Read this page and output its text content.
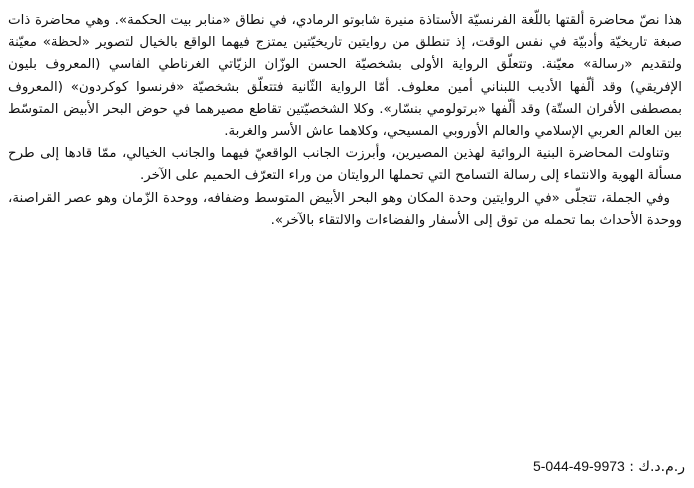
هذا نصّ محاضرة ألقتها باللّغة الفرنسيّة الأستاذة منيرة شابوتو الرمادي، في نطاق «منابر بيت الحكمة». وهي محاضرة ذات صبغة تاريخيّة وأدبيّة في نفس الوقت، إذ تنطلق من روايتين تاريخيّتين يمتزج فيهما الواقع بالخيال لتصوير «لحظة» معيّنة ولتقديم «رسالة» معيّنة. وتتعلّق الرواية الأولى بشخصيّة الحسن الوزّان الزيّاتي الغرناطي الفاسي (المعروف بليون الإفريقي) وقد ألّفها الأديب اللبناني أمين معلوف. أمّا الرواية الثّانية فتتعلّق بشخصيّة «فرنسوا كوكردون» (المعروف بمصطفى الأفران الستّة) وقد ألّفها «برتولومي بنسّار». وكلا الشخصيّتين تقاطع مصيرهما في حوض البحر الأبيض المتوسّط بين العالم العربي الإسلامي والعالم الأوروبي المسيحي، وكلاهما عاش الأسر والغربة.

وتناولت المحاضرة البنية الروائية لهذين المصيرين، وأبرزت الجانب الواقعيّ فيهما والجانب الخيالي، ممّا قادها إلى طرح مسألة الهوية والانتماء إلى رسالة التسامح التي تحملها الروايتان من وراء التعرّف الحميم على الآخر.

وفي الجملة، تتجلّى «في الروايتين وحدة المكان وهو البحر الأبيض المتوسط وضفافه، ووحدة الزّمان وهو عصر القراصنة، ووحدة الأحداث بما تحمله من توق إلى الأسفار والفضاءات والالتقاء بالآخر».

ر.م.د.ك : 5-044-49-9973
